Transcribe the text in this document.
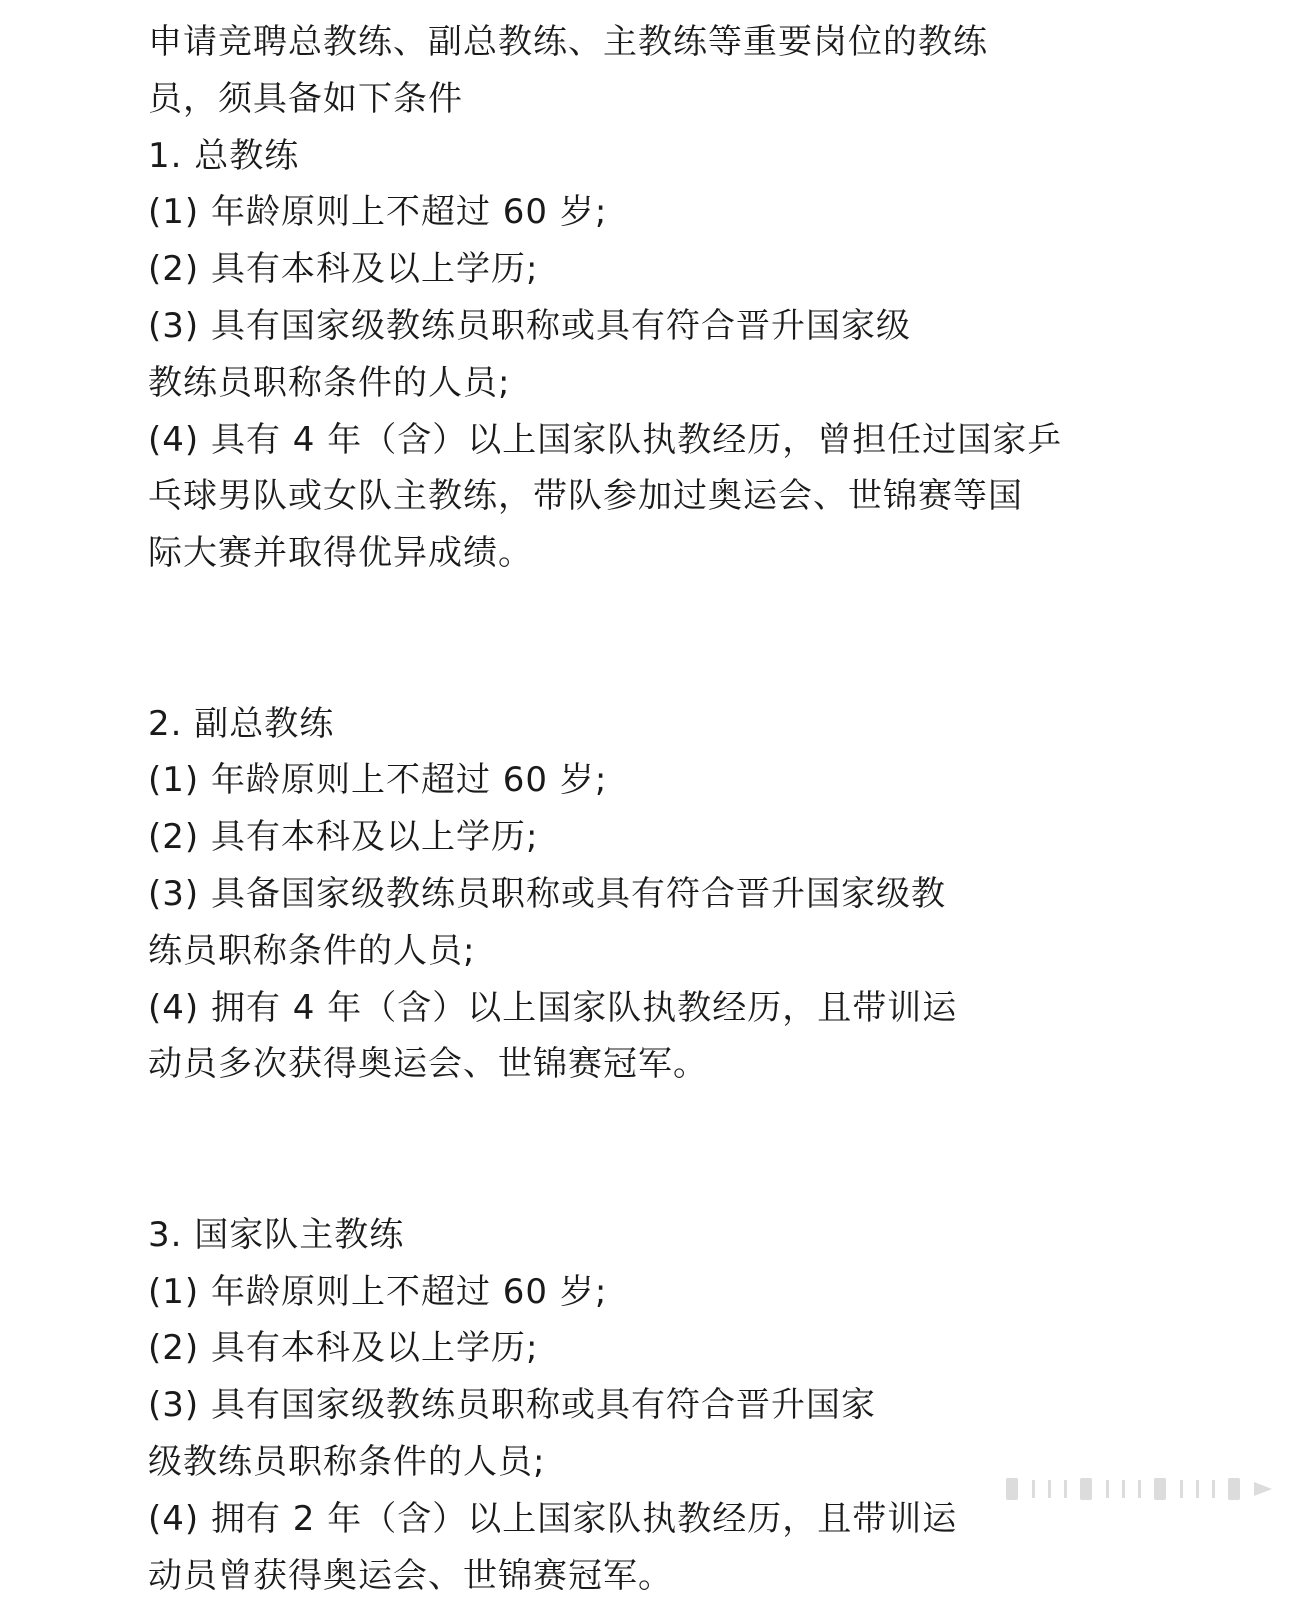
申请竞聘总教练、副总教练、主教练等重要岗位的教练
员，须具备如下条件
1. 总教练
(1) 年龄原则上不超过 60 岁;
(2) 具有本科及以上学历;
(3) 具有国家级教练员职称或具有符合晋升国家级
教练员职称条件的人员;
(4) 具有 4 年（含）以上国家队执教经历，曾担任过国家乒
乓球男队或女队主教练，带队参加过奥运会、世锦赛等国
际大赛并取得优异成绩。
2. 副总教练
(1) 年龄原则上不超过 60 岁;
(2) 具有本科及以上学历;
(3) 具备国家级教练员职称或具有符合晋升国家级教
练员职称条件的人员;
(4) 拥有 4 年（含）以上国家队执教经历，且带训运
动员多次获得奥运会、世锦赛冠军。
3. 国家队主教练
(1) 年龄原则上不超过 60 岁;
(2) 具有本科及以上学历;
(3) 具有国家级教练员职称或具有符合晋升国家
级教练员职称条件的人员;
(4) 拥有 2 年（含）以上国家队执教经历，且带训运
动员曾获得奥运会、世锦赛冠军。
